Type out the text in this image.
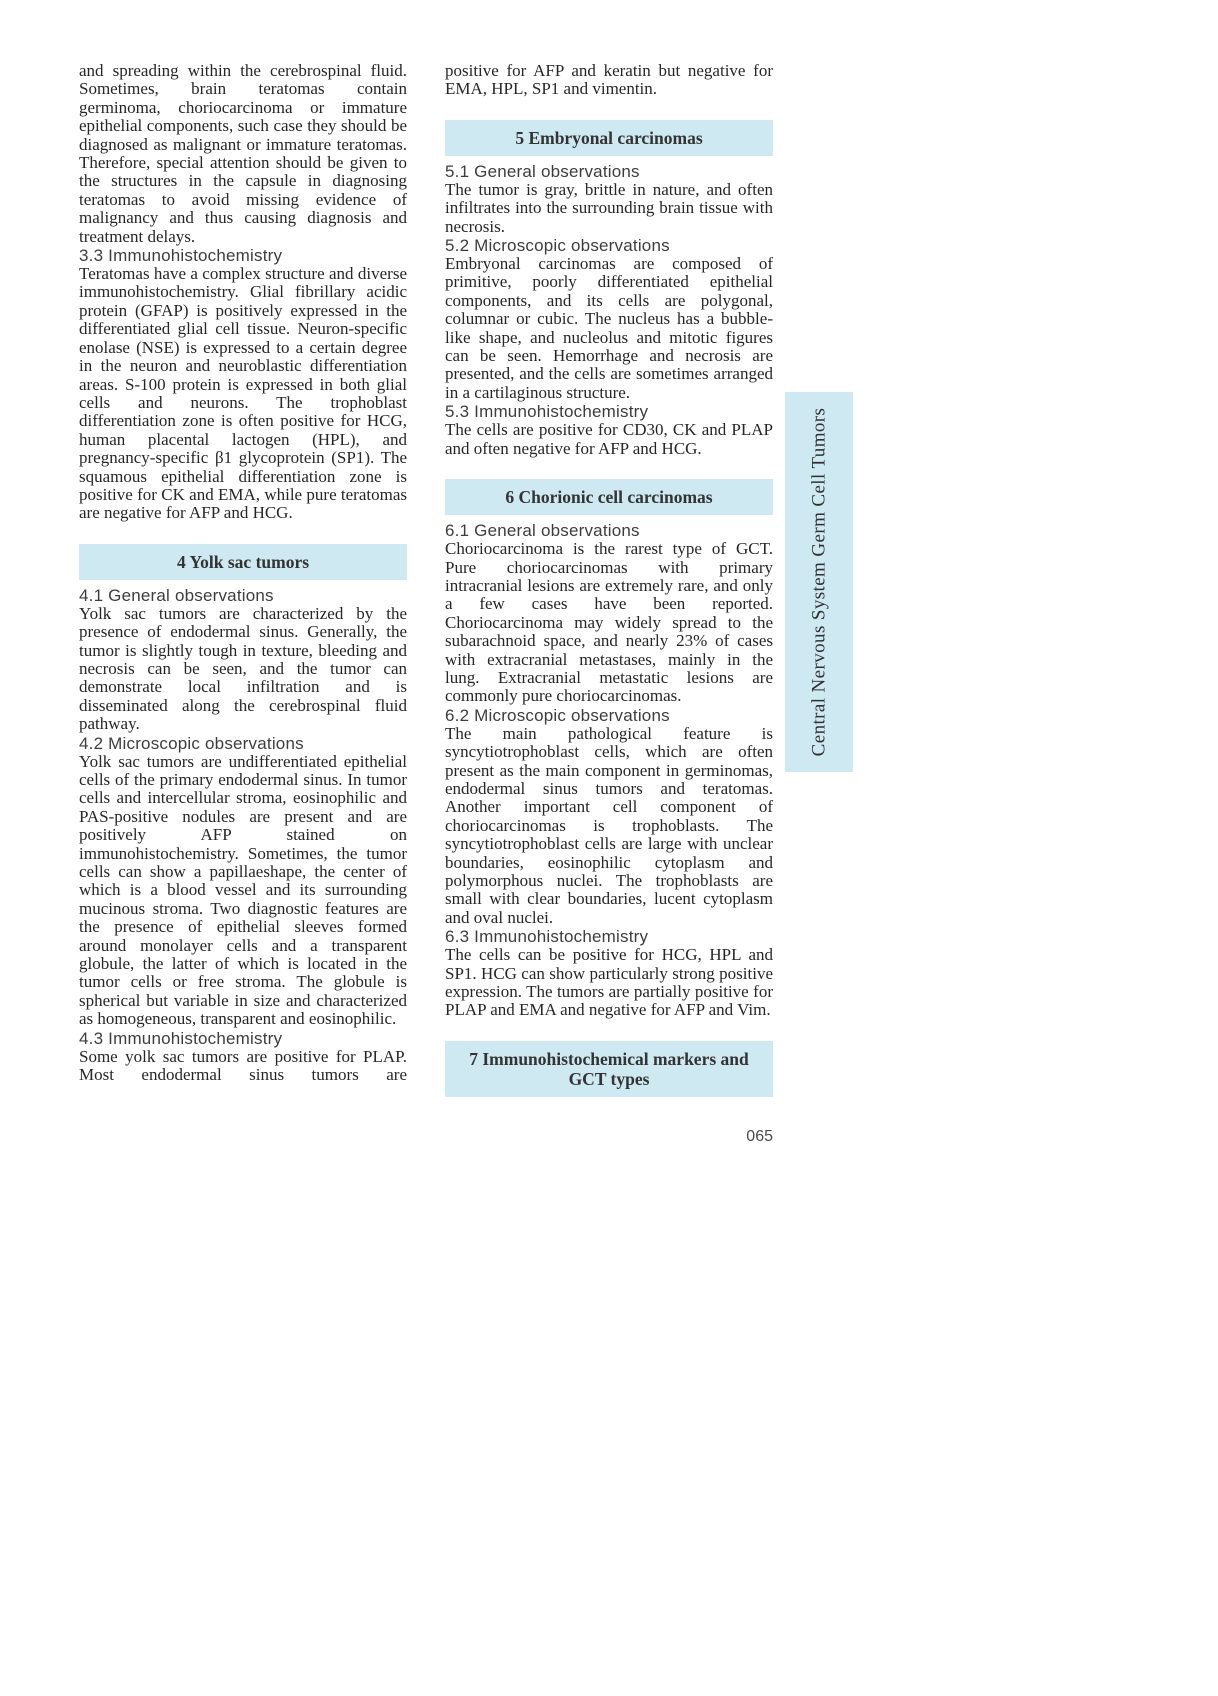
and spreading within the cerebrospinal fluid. Sometimes, brain teratomas contain germinoma, choriocarcinoma or immature epithelial components, such case they should be diagnosed as malignant or immature teratomas. Therefore, special attention should be given to the structures in the capsule in diagnosing teratomas to avoid missing evidence of malignancy and thus causing diagnosis and treatment delays.

3.3 Immunohistochemistry

Teratomas have a complex structure and diverse immunohistochemistry. Glial fibrillary acidic protein (GFAP) is positively expressed in the differentiated glial cell tissue. Neuron-specific enolase (NSE) is expressed to a certain degree in the neuron and neuroblastic differentiation areas. S-100 protein is expressed in both glial cells and neurons. The trophoblast differentiation zone is often positive for HCG, human placental lactogen (HPL), and pregnancy-specific β1 glycoprotein (SP1). The squamous epithelial differentiation zone is positive for CK and EMA, while pure teratomas are negative for AFP and HCG.

4 Yolk sac tumors

4.1 General observations

Yolk sac tumors are characterized by the presence of endodermal sinus. Generally, the tumor is slightly tough in texture, bleeding and necrosis can be seen, and the tumor can demonstrate local infiltration and is disseminated along the cerebrospinal fluid pathway.

4.2 Microscopic observations

Yolk sac tumors are undifferentiated epithelial cells of the primary endodermal sinus. In tumor cells and intercellular stroma, eosinophilic and PAS-positive nodules are present and are positively AFP stained on immunohistochemistry. Sometimes, the tumor cells can show a papillaeshape, the center of which is a blood vessel and its surrounding mucinous stroma. Two diagnostic features are the presence of epithelial sleeves formed around monolayer cells and a transparent globule, the latter of which is located in the tumor cells or free stroma. The globule is spherical but variable in size and characterized as homogeneous, transparent and eosinophilic.

4.3 Immunohistochemistry

Some yolk sac tumors are positive for PLAP. Most endodermal sinus tumors are

positive for AFP and keratin but negative for EMA, HPL, SP1 and vimentin.

5 Embryonal carcinomas

5.1 General observations

The tumor is gray, brittle in nature, and often infiltrates into the surrounding brain tissue with necrosis.

5.2 Microscopic observations

Embryonal carcinomas are composed of primitive, poorly differentiated epithelial components, and its cells are polygonal, columnar or cubic. The nucleus has a bubble-like shape, and nucleolus and mitotic figures can be seen. Hemorrhage and necrosis are presented, and the cells are sometimes arranged in a cartilaginous structure.

5.3 Immunohistochemistry

The cells are positive for CD30, CK and PLAP and often negative for AFP and HCG.

6 Chorionic cell carcinomas

6.1 General observations

Choriocarcinoma is the rarest type of GCT. Pure choriocarcinomas with primary intracranial lesions are extremely rare, and only a few cases have been reported. Choriocarcinoma may widely spread to the subarachnoid space, and nearly 23% of cases with extracranial metastases, mainly in the lung. Extracranial metastatic lesions are commonly pure choriocarcinomas.

6.2 Microscopic observations

The main pathological feature is syncytiotrophoblast cells, which are often present as the main component in germinomas, endodermal sinus tumors and teratomas. Another important cell component of choriocarcinomas is trophoblasts. The syncytiotrophoblast cells are large with unclear boundaries, eosinophilic cytoplasm and polymorphous nuclei. The trophoblasts are small with clear boundaries, lucent cytoplasm and oval nuclei.

6.3 Immunohistochemistry

The cells can be positive for HCG, HPL and SP1. HCG can show particularly strong positive expression. The tumors are partially positive for PLAP and EMA and negative for AFP and Vim.

7 Immunohistochemical markers and GCT types
Central Nervous System Germ Cell Tumors
065
